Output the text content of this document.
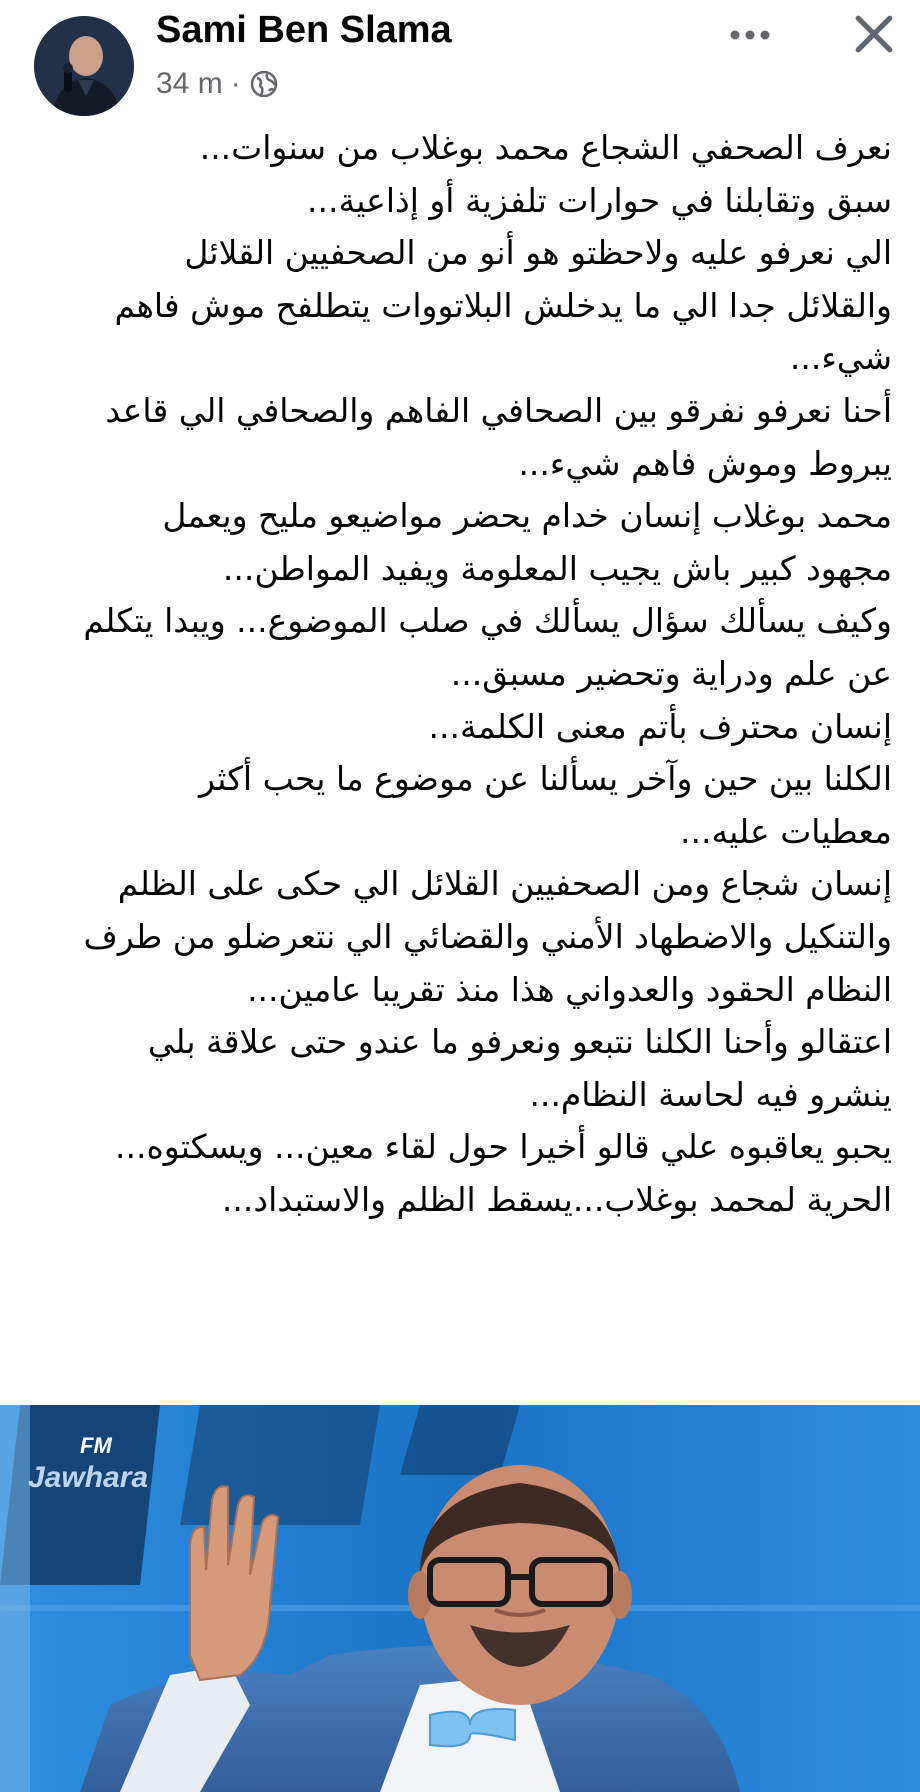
Sami Ben Slama
34 m ·
نعرف الصحفي الشجاع محمد بوغلاب من سنوات...
سبق وتقابلنا في حوارات تلفزية أو إذاعية...
الي نعرفو عليه ولاحظتو هو أنو من الصحفيين القلائل
والقلائل جدا الي ما يدخلش البلاتووات يتطلفح موش فاهم
شيء...
أحنا نعرفو نفرقو بين الصحافي الفاهم والصحافي الي قاعد
يبروط وموش فاهم شيء...
محمد بوغلاب إنسان خدام يحضر مواضيعو مليح ويعمل
مجهود كبير باش يجيب المعلومة ويفيد المواطن...
وكيف يسألك سؤال يسألك في صلب الموضوع... ويبدا يتكلم
عن علم ودراية وتحضير مسبق...
إنسان محترف بأتم معنى الكلمة...
الكلنا بين حين وآخر يسألنا عن موضوع ما يحب أكثر
معطيات عليه...
إنسان شجاع ومن الصحفيين القلائل الي حكى على الظلم
والتنكيل والاضطهاد الأمني والقضائي الي نتعرضلو من طرف
النظام الحقود والعدواني هذا منذ تقريبا عامين...
اعتقالو وأحنا الكلنا نتبعو ونعرفو ما عندو حتى علاقة بلي
ينشرو فيه لحاسة النظام...
يحبو يعاقبوه علي قالو أخيرا حول لقاء معين... ويسكتوه...
الحرية لمحمد بوغلاب...يسقط الظلم والاستبداد...
FM
Jawhara
